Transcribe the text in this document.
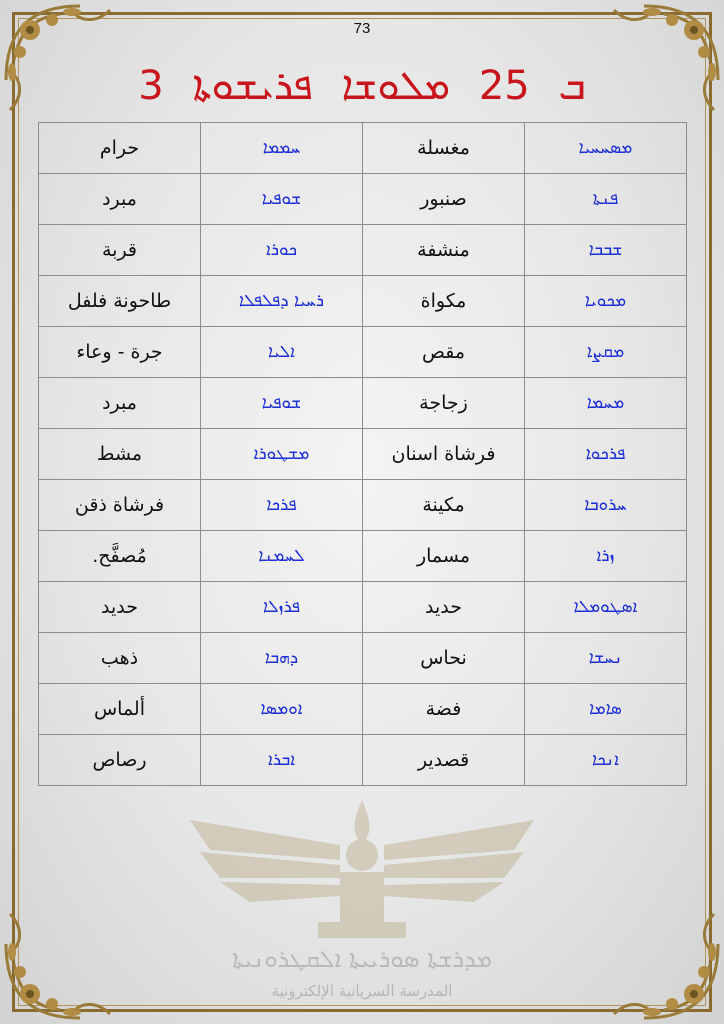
73
3	ܒ 25 ܡܠܘܫܐ ܦܪܝܫܘܬܐ
حرام	ܚܡܡܐ	مغسلة	ܡܣܚܚܝܐ
مبرد	ܫܘܦܝܐ	صنبور	ܦܢܬܐ
قربة	ܟܘܪܐ	منشفة	ܫܒܒܐ
طاحونة فلفل	ܪܚܝܐ ܕܦܠܦܠܐ	مكواة	ܡܟܘܝܐ
جرة - وعاء	ܐܠܝܐ	مقص	ܡܩܨܐ
مبرد	ܫܘܦܝܐ	زجاجة	ܡܚܡܐ
مشط	ܡܫܛܘܪܐ	فرشاة اسنان	ܦܪܟܘܐ
فرشاة ذقن	ܦܪܟܐ	مكينة	ܚܪܘܒܐ
مُصفَّح.	ܠܚܡܢܐ	مسمار	ܙܪܐ
حديد	ܦܪܙܠܐ	حديد	ܐܣܛܘܡܠܐ
ذهب	ܕܗܒܐ	نحاس	ܢܚܫܐ
ألماس	ܐܘܡܣܐ	فضة	ܣܐܡܐ
رصاص	ܐܒܪܐ	قصدير	ܐܢܟܐ
ܡܕܪܫܬܐ ܣܘܪܝܝܬܐ ܐܠܩܛܪܘܢܝܬܐ
المدرسة السريانية الإلكترونية
